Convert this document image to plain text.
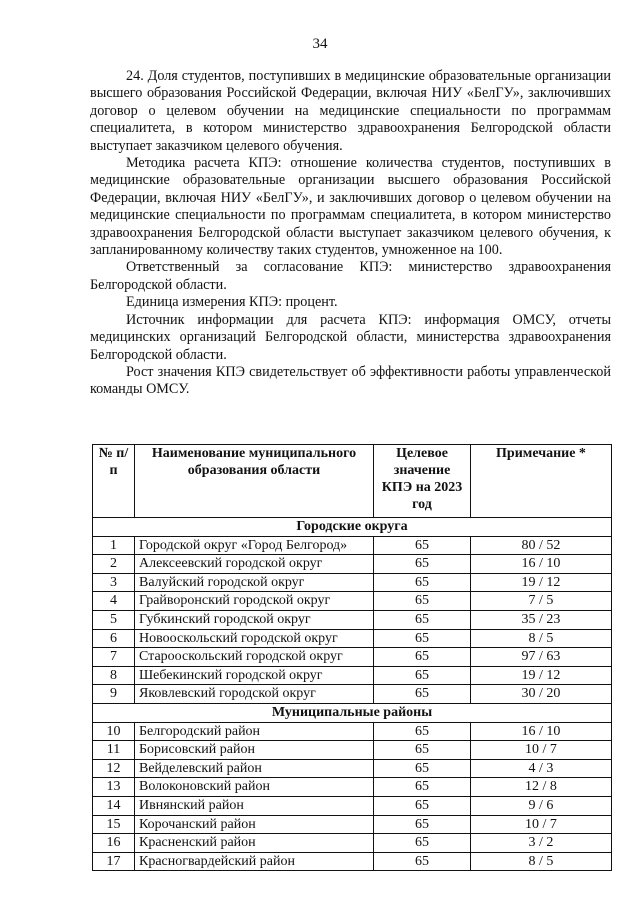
34

24. Доля студентов, поступивших в медицинские образовательные организации высшего образования Российской Федерации, включая НИУ «БелГУ», заключивших договор о целевом обучении на медицинские специальности по программам специалитета, в котором министерство здравоохранения Белгородской области выступает заказчиком целевого обучения.

Методика расчета КПЭ: отношение количества студентов, поступивших в медицинские образовательные организации высшего образования Российской Федерации, включая НИУ «БелГУ», и заключивших договор о целевом обучении на медицинские специальности по программам специалитета, в котором министерство здравоохранения Белгородской области выступает заказчиком целевого обучения, к запланированному количеству таких студентов, умноженное на 100.

Ответственный за согласование КПЭ: министерство здравоохранения Белгородской области.

Единица измерения КПЭ: процент.

Источник информации для расчета КПЭ: информация ОМСУ, отчеты медицинских организаций Белгородской области, министерства здравоохранения Белгородской области.

Рост значения КПЭ свидетельствует об эффективности работы управленческой команды ОМСУ.

№ п/п	Наименование муниципального образования области	Целевое значение КПЭ на 2023 год	Примечание *
Городские округа			
1	Городской округ «Город Белгород»	65	80 / 52
2	Алексеевский городской округ	65	16 / 10
3	Валуйский городской округ	65	19 / 12
4	Грайворонский городской округ	65	7 / 5
5	Губкинский городской округ	65	35 / 23
6	Новооскольский городской округ	65	8 / 5
7	Старооскольский городской округ	65	97 / 63
8	Шебекинский городской округ	65	19 / 12
9	Яковлевский городской округ	65	30 / 20
Муниципальные районы			
10	Белгородский район	65	16 / 10
11	Борисовский район	65	10 / 7
12	Вейделевский район	65	4 / 3
13	Волоконовский район	65	12 / 8
14	Ивнянский район	65	9 / 6
15	Корочанский район	65	10 / 7
16	Красненский район	65	3 / 2
17	Красногвардейский район	65	8 / 5
